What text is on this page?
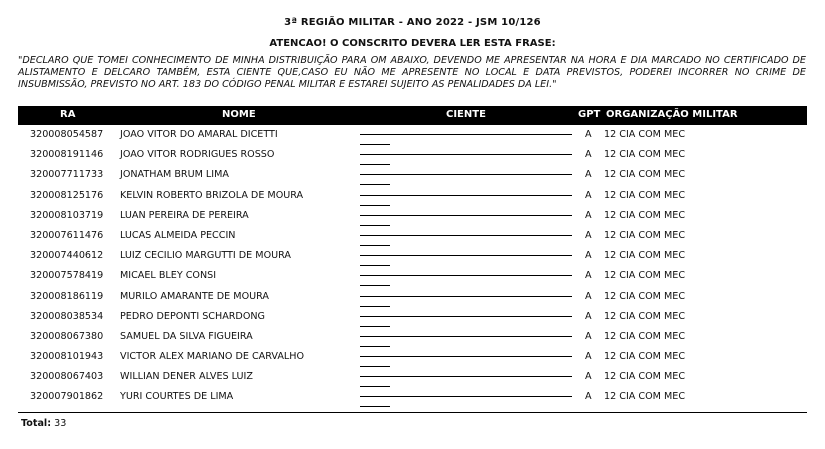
3ª REGIÃO MILITAR - ANO 2022 - JSM 10/126
ATENCAO! O CONSCRITO DEVERA LER ESTA FRASE:
"DECLARO QUE TOMEI CONHECIMENTO DE MINHA DISTRIBUIÇÃO PARA OM ABAIXO, DEVENDO ME APRESENTAR NA HORA E DIA MARCADO NO CERTIFICADO DE ALISTAMENTO E DELCARO TAMBÉM, ESTA CIENTE QUE,CASO EU NÃO ME APRESENTE NO LOCAL E DATA PREVISTOS, PODEREI INCORRER NO CRIME DE INSUBMISSÃO, PREVISTO NO ART. 183 DO CÓDIGO PENAL MILITAR E ESTAREI SUJEITO AS PENALIDADES DA LEI."
RA	NOME	CIENTE	GPT ORGANIZAÇÃO MILITAR
320008054587 JOAO VITOR DO AMARAL DICETTI	A 12 CIA COM MEC
320008191146 JOAO VITOR RODRIGUES ROSSO	A 12 CIA COM MEC
320007711733 JONATHAM BRUM LIMA	A 12 CIA COM MEC
320008125176 KELVIN ROBERTO BRIZOLA DE MOURA	A 12 CIA COM MEC
320008103719 LUAN PEREIRA DE PEREIRA	A 12 CIA COM MEC
320007611476 LUCAS ALMEIDA PECCIN	A 12 CIA COM MEC
320007440612 LUIZ CECILIO MARGUTTI DE MOURA	A 12 CIA COM MEC
320007578419 MICAEL BLEY CONSI	A 12 CIA COM MEC
320008186119 MURILO AMARANTE DE MOURA	A 12 CIA COM MEC
320008038534 PEDRO DEPONTI SCHARDONG	A 12 CIA COM MEC
320008067380 SAMUEL DA SILVA FIGUEIRA	A 12 CIA COM MEC
320008101943 VICTOR ALEX MARIANO DE CARVALHO	A 12 CIA COM MEC
320008067403 WILLIAN DENER ALVES LUIZ	A 12 CIA COM MEC
320007901862 YURI COURTES DE LIMA	A 12 CIA COM MEC
Total: 33
